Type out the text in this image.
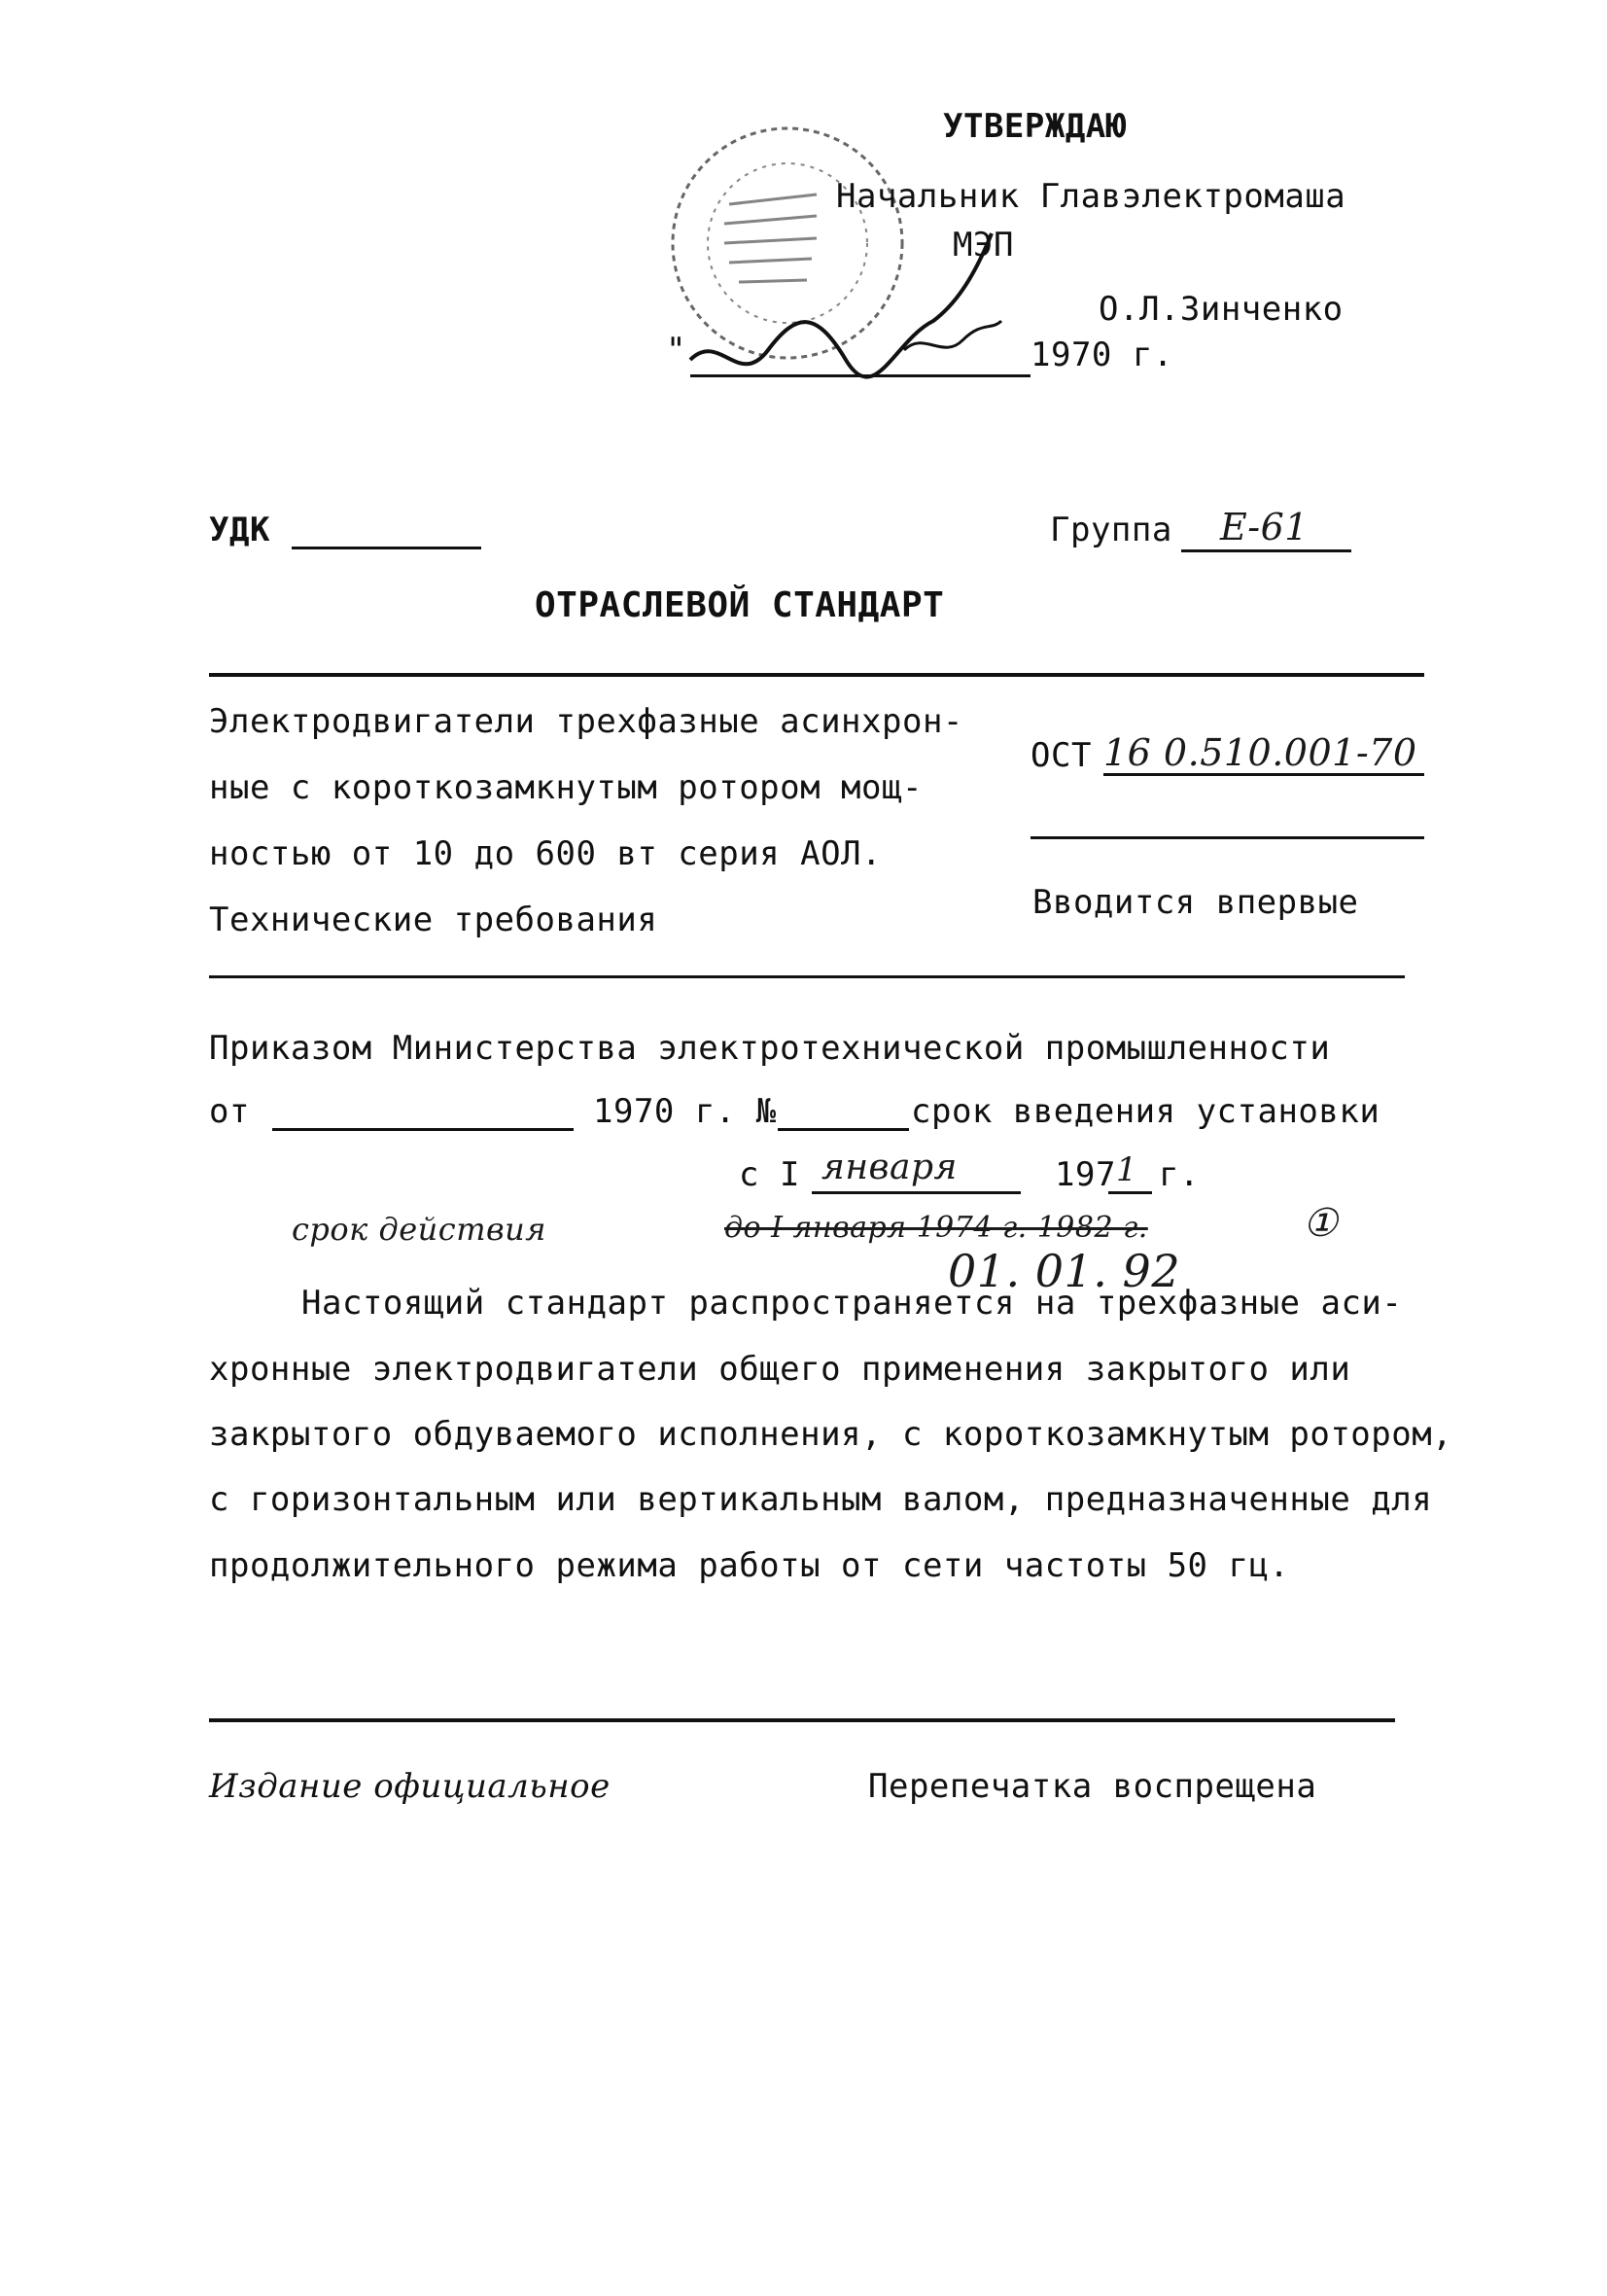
УТВЕРЖДАЮ
Начальник Главэлектромаша
МЭП
О.Л.Зинченко
"	1970 г.
УДК	Группа Е-61
ОТРАСЛЕВОЙ СТАНДАРТ
Электродвигатели трехфазные асинхрон-
ные с короткозамкнутым ротором мощ-
ностью от 10 до 600 вт серия АОЛ.
Технические требования
ОСТ 16 0.510.001-70
Вводится впервые
Приказом Министерства электротехнической промышленности
от	1970 г. №	срок введения установки
с I января	197 1 г.
срок действия	до I января 1974 г. 1982 г.	①
01. 01. 92
Настоящий стандарт распространяется на трехфазные аси-
хронные электродвигатели общего применения закрытого или
закрытого обдуваемого исполнения, с короткозамкнутым ротором,
с горизонтальным или вертикальным валом, предназначенные для
продолжительного режима работы от сети частоты 50 гц.
Издание официальное	Перепечатка воспрещена
